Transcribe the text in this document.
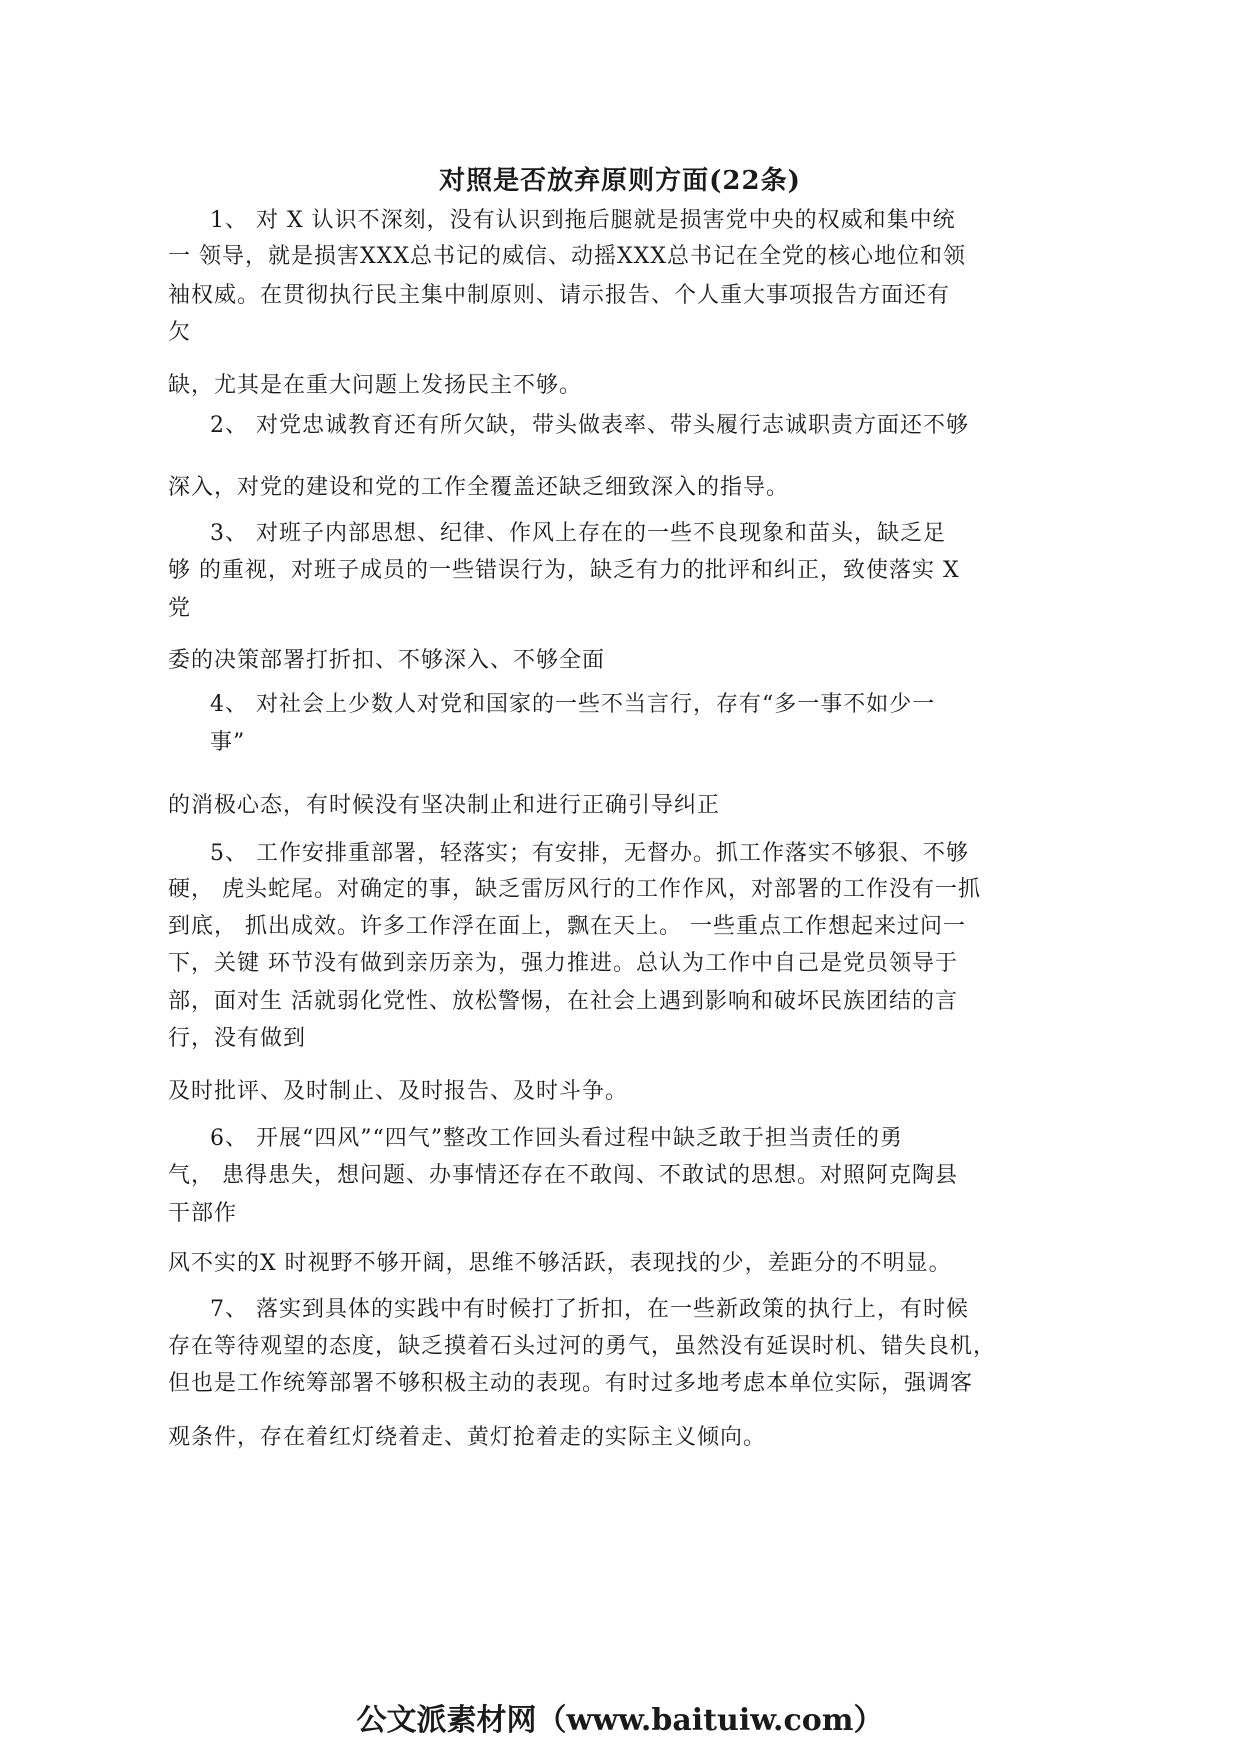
对照是否放弃原则方面(22条)
1、 对 X 认识不深刻，没有认识到拖后腿就是损害党中央的权威和集中统
一 领导，就是损害XXX总书记的威信、动摇XXX总书记在全党的核心地位和领
袖权威。在贯彻执行民主集中制原则、请示报告、个人重大事项报告方面还有
欠
缺，尤其是在重大问题上发扬民主不够。
2、 对党忠诚教育还有所欠缺，带头做表率、带头履行志诚职责方面还不够
深入，对党的建设和党的工作全覆盖还缺乏细致深入的指导。
3、 对班子内部思想、纪律、作风上存在的一些不良现象和苗头，缺乏足
够 的重视，对班子成员的一些错误行为，缺乏有力的批评和纠正，致使落实 X
党
委的决策部署打折扣、不够深入、不够全面
4、 对社会上少数人对党和国家的一些不当言行，存有“多一事不如少一
事”
的消极心态，有时候没有坚决制止和进行正确引导纠正
5、 工作安排重部署，轻落实；有安排，无督办。抓工作落实不够狠、不够
硬， 虎头蛇尾。对确定的事，缺乏雷厉风行的工作作风，对部署的工作没有一抓
到底， 抓出成效。许多工作浮在面上，飘在天上。 一些重点工作想起来过问一
下，关键 环节没有做到亲历亲为，强力推进。总认为工作中自己是党员领导于
部，面对生 活就弱化党性、放松警惕，在社会上遇到影响和破坏民族团结的言
行，没有做到
及时批评、及时制止、及时报告、及时斗争。
6、 开展“四风”“四气”整改工作回头看过程中缺乏敢于担当责任的勇
气， 患得患失，想问题、办事情还存在不敢闯、不敢试的思想。对照阿克陶县
干部作
风不实的X 时视野不够开阔，思维不够活跃，表现找的少，差距分的不明显。
7、 落实到具体的实践中有时候打了折扣，在一些新政策的执行上，有时候
存在等待观望的态度，缺乏摸着石头过河的勇气，虽然没有延误时机、错失良机，
但也是工作统筹部署不够积极主动的表现。有时过多地考虑本单位实际，强调客
观条件，存在着红灯绕着走、黄灯抢着走的实际主义倾向。
公文派素材网（www.baituiw.com）
